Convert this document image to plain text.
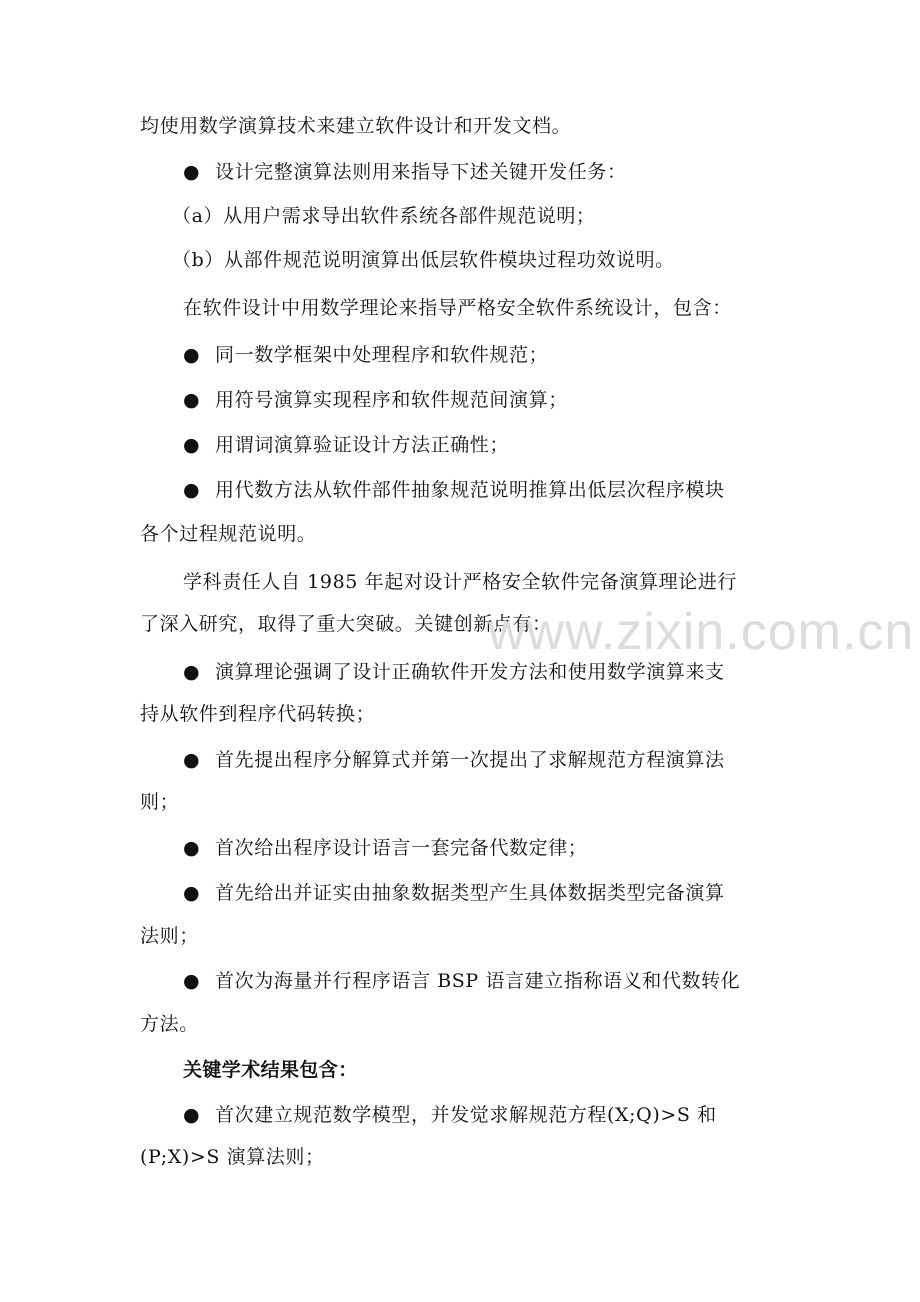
均使用数学演算技术来建立软件设计和开发文档。
● 设计完整演算法则用来指导下述关键开发任务：
（a）从用户需求导出软件系统各部件规范说明；
（b）从部件规范说明演算出低层软件模块过程功效说明。
在软件设计中用数学理论来指导严格安全软件系统设计，包含：
● 同一数学框架中处理程序和软件规范；
● 用符号演算实现程序和软件规范间演算；
● 用谓词演算验证设计方法正确性；
● 用代数方法从软件部件抽象规范说明推算出低层次程序模块
各个过程规范说明。
学科责任人自 1985 年起对设计严格安全软件完备演算理论进行
了深入研究，取得了重大突破。关键创新点有：
● 演算理论强调了设计正确软件开发方法和使用数学演算来支
持从软件到程序代码转换；
● 首先提出程序分解算式并第一次提出了求解规范方程演算法
则；
● 首次给出程序设计语言一套完备代数定律；
● 首先给出并证实由抽象数据类型产生具体数据类型完备演算
法则；
● 首次为海量并行程序语言 BSP 语言建立指称语义和代数转化
方法。
关键学术结果包含：
● 首次建立规范数学模型，并发觉求解规范方程(X;Q)>S 和
(P;X)>S 演算法则；
www.zixin.com.cn
